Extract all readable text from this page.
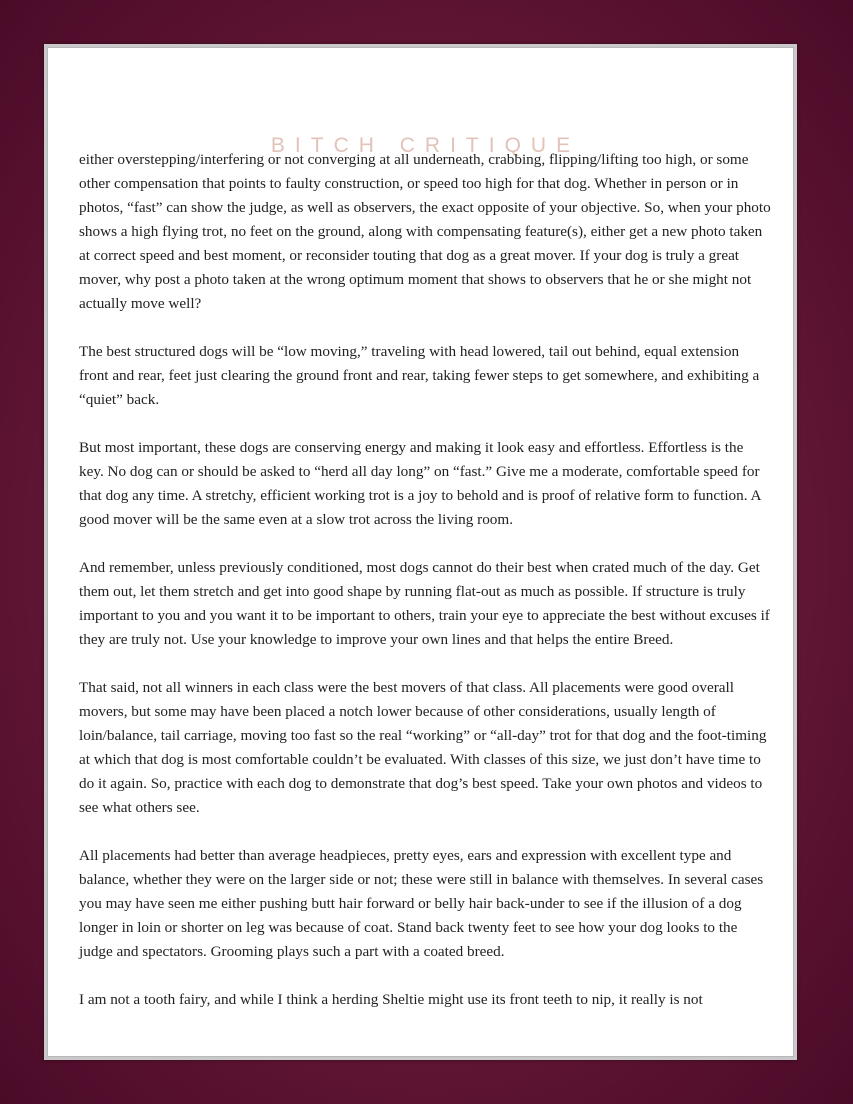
BITCH CRITIQUE

either overstepping/interfering or not converging at all underneath, crabbing, flipping/lifting too high, or some other compensation that points to faulty construction, or speed too high for that dog. Whether in person or in photos, “fast” can show the judge, as well as observers, the exact opposite of your objective. So, when your photo shows a high flying trot, no feet on the ground, along with compensating feature(s), either get a new photo taken at correct speed and best moment, or reconsider touting that dog as a great mover. If your dog is truly a great mover, why post a photo taken at the wrong optimum moment that shows to observers that he or she might not actually move well?

The best structured dogs will be “low moving,” traveling with head lowered, tail out behind, equal extension front and rear, feet just clearing the ground front and rear, taking fewer steps to get somewhere, and exhibiting a “quiet” back.

But most important, these dogs are conserving energy and making it look easy and effortless. Effortless is the key. No dog can or should be asked to “herd all day long” on “fast.” Give me a moderate, comfortable speed for that dog any time. A stretchy, efficient working trot is a joy to behold and is proof of relative form to function. A good mover will be the same even at a slow trot across the living room.

And remember, unless previously conditioned, most dogs cannot do their best when crated much of the day. Get them out, let them stretch and get into good shape by running flat-out as much as possible. If structure is truly important to you and you want it to be important to others, train your eye to appreciate the best without excuses if they are truly not. Use your knowledge to improve your own lines and that helps the entire Breed.

That said, not all winners in each class were the best movers of that class. All placements were good overall movers, but some may have been placed a notch lower because of other considerations, usually length of loin/balance, tail carriage, moving too fast so the real “working” or “all-day” trot for that dog and the foot-timing at which that dog is most comfortable couldn’t be evaluated. With classes of this size, we just don’t have time to do it again. So, practice with each dog to demonstrate that dog’s best speed. Take your own photos and videos to see what others see.

All placements had better than average headpieces, pretty eyes, ears and expression with excellent type and balance, whether they were on the larger side or not; these were still in balance with themselves. In several cases you may have seen me either pushing butt hair forward or belly hair back-under to see if the illusion of a dog longer in loin or shorter on leg was because of coat. Stand back twenty feet to see how your dog looks to the judge and spectators. Grooming plays such a part with a coated breed.

I am not a tooth fairy, and while I think a herding Sheltie might use its front teeth to nip, it really is not
